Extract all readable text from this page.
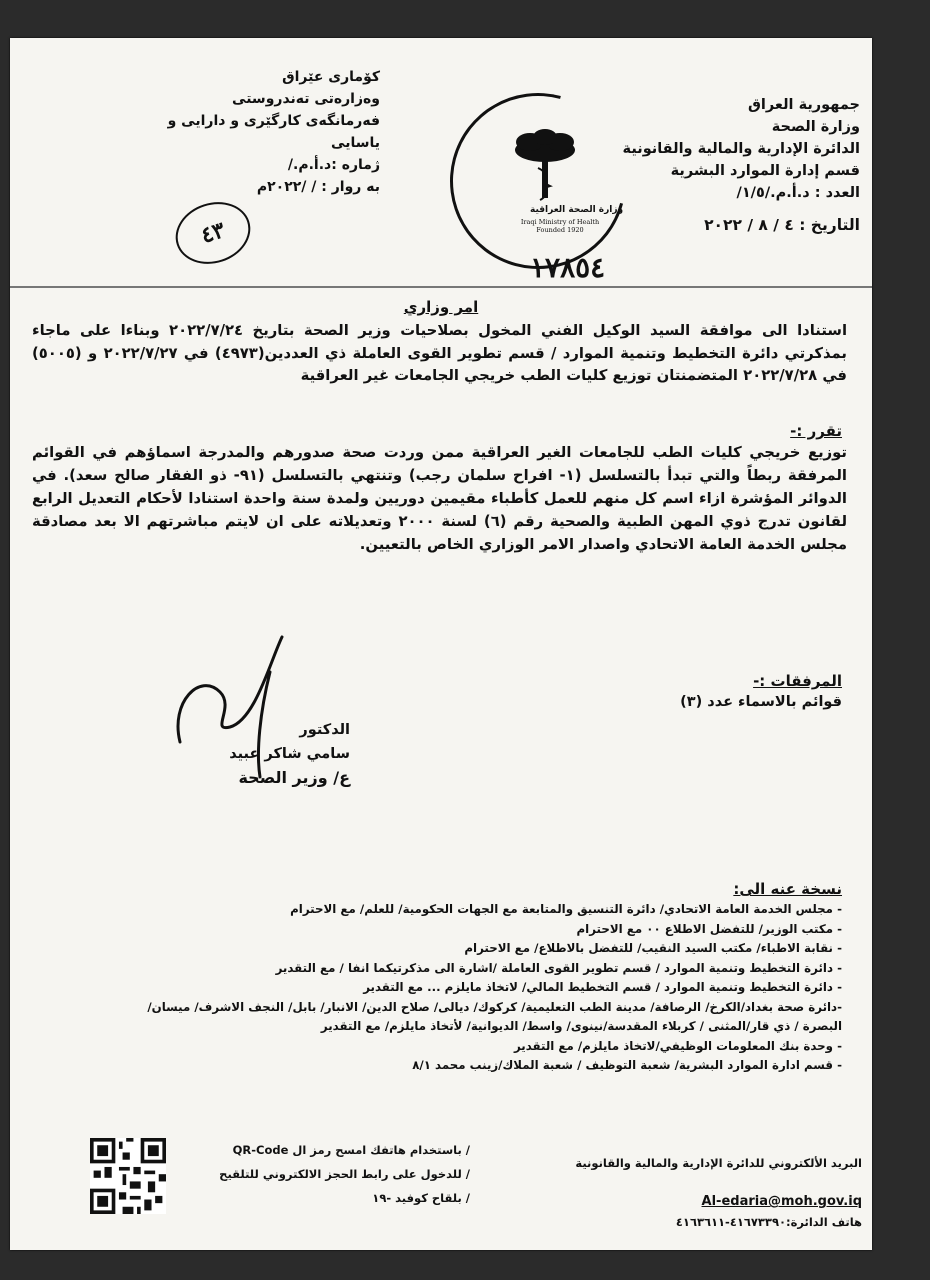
جمهورية العراق
وزارة الصحة
الدائرة الإدارية والمالية والقانونية
قسم إدارة الموارد البشرية
العدد : د.أ.م./١/٥/
التاريخ : ٤ / ٨ / ٢٠٢٢
كۆماری عێراق
وەزارەتی تەندروستی
فەرمانگەی کارگێری و دارایی و یاسایی
ژمارە :د.أ.م./
بە روار : / /٢٠٢٢م
وزارة الصحة العراقية
Iraqi Ministry of Health
Founded 1920
١٧٨٥٤
٤٣
امر وزاري
استنادا الى موافقة السيد الوكيل الفني المخول بصلاحيات وزير الصحة بتاريخ ٢٠٢٢/٧/٢٤ وبناءا على ماجاء بمذكرتي دائرة التخطيط وتنمية الموارد / قسم تطوير القوى العاملة ذي العددين(٤٩٧٣) في ٢٠٢٢/٧/٢٧ و (٥٠٠٥) في ٢٠٢٢/٧/٢٨ المتضمنتان توزيع كليات الطب خريجي الجامعات غير العراقية
تقرر :-
توزيع خريجي كليات الطب للجامعات الغير العراقية ممن وردت صحة صدورهم والمدرجة اسماؤهم في القوائم المرفقة ربطاً والتي تبدأ بالتسلسل (١- افراح سلمان رجب) وتنتهي بالتسلسل (٩١- ذو الفقار صالح سعد). في الدوائر المؤشرة ازاء اسم كل منهم للعمل كأطباء مقيمين دوريين ولمدة سنة واحدة استنادا لأحكام التعديل الرابع لقانون تدرج ذوي المهن الطبية والصحية رقم (٦) لسنة ٢٠٠٠ وتعديلاته على ان لايتم مباشرتهم الا بعد مصادقة مجلس الخدمة العامة الاتحادي واصدار الامر الوزاري الخاص بالتعيين.
المرفقات :-
قوائم بالاسماء عدد (٣)
الدكتور
سامي شاكر عبيد
ع/ وزير الصحة
نسخة عنه الى:
- مجلس الخدمة العامة الاتحادي/ دائرة التنسيق والمتابعة مع الجهات الحكومية/ للعلم/ مع الاحترام
- مكتب الوزير/ للتفضل الاطلاع ٠٠ مع الاحترام
- نقابة الاطباء/ مكتب السيد النقيب/ للتفضل بالاطلاع/ مع الاحترام
- دائرة التخطيط وتنمية الموارد / قسم تطوير القوى العاملة /اشارة الى مذكرتيكما انفا / مع التقدير
- دائرة التخطيط وتنمية الموارد / قسم التخطيط المالي/ لاتخاذ مايلزم ... مع التقدير
-دائرة صحة بغداد/الكرخ/ الرصافة/ مدينة الطب التعليمية/ كركوك/ ديالى/ صلاح الدين/ الانبار/ بابل/ النجف الاشرف/ ميسان/
البصرة / ذي قار/المثنى / كربلاء المقدسة/نينوى/ واسط/ الديوانية/ لأتخاذ مايلزم/ مع التقدير
- وحدة بنك المعلومات الوظيفي/لاتخاذ مايلزم/ مع التقدير
- قسم ادارة الموارد البشرية/ شعبة التوظيف / شعبة الملاك/زينب محمد ٨/١
/ باستخدام هاتفك امسح رمز ال QR-Code
/ للدخول على رابط الحجز الالكتروني للتلقيح
/ بلقاح كوفيد -١٩
البريد الألكتروني للدائرة الإدارية والمالية والقانونية
Al-edaria@moh.gov.iq
هاتف الدائرة:٤١٦٧٣٣٩٠-٤١٦٣٦١١
